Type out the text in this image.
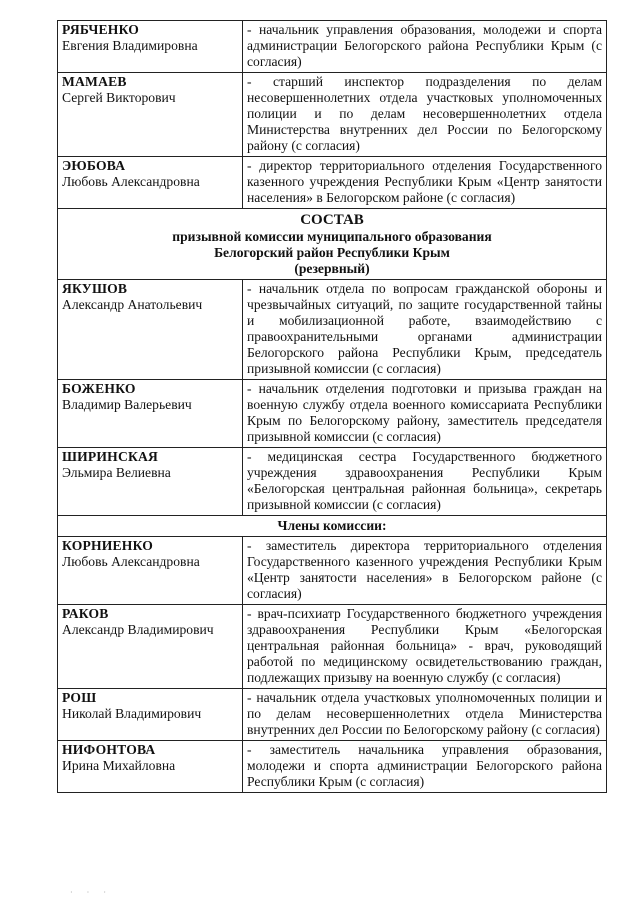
РЯБЧЕНКО
Евгения Владимировна	- начальник управления образования, молодежи и спорта администрации Белогорского района Республики Крым (с согласия)

МАМАЕВ
Сергей Викторович	- старший инспектор подразделения по делам несовершеннолетних отдела участковых уполномоченных полиции и по делам несовершеннолетних отдела Министерства внутренних дел России по Белогорскому району (с согласия)

ЭЮБОВА
Любовь Александровна	- директор территориального отделения Государственного казенного учреждения Республики Крым «Центр занятости населения» в Белогорском районе (с согласия)

СОСТАВ
призывной комиссии муниципального образования
Белогорский район Республики Крым
(резервный)	

ЯКУШОВ
Александр Анатольевич	- начальник отдела по вопросам гражданской обороны и чрезвычайных ситуаций, по защите государственной тайны и мобилизационной работе, взаимодействию с правоохранительными органами администрации Белогорского района Республики Крым, председатель призывной комиссии (с согласия)

БОЖЕНКО
Владимир Валерьевич	- начальник отделения подготовки и призыва граждан на военную службу отдела военного комиссариата Республики Крым по Белогорскому району, заместитель председателя призывной комиссии (с согласия)

ШИРИНСКАЯ
Эльмира Велиевна	- медицинская сестра Государственного бюджетного учреждения здравоохранения Республики Крым «Белогорская центральная районная больница», секретарь призывной комиссии (с согласия)

Члены комиссии:	

КОРНИЕНКО
Любовь Александровна	- заместитель директора территориального отделения Государственного казенного учреждения Республики Крым «Центр занятости населения» в Белогорском районе (с согласия)

РАКОВ
Александр Владимирович	- врач-психиатр Государственного бюджетного учреждения здравоохранения Республики Крым «Белогорская центральная районная больница» - врач, руководящий работой по медицинскому освидетельствованию граждан, подлежащих призыву на военную службу (с согласия)

РОШ
Николай Владимирович	- начальник отдела участковых уполномоченных полиции и по делам несовершеннолетних отдела Министерства внутренних дел России по Белогорскому району (с согласия)

НИФОНТОВА
Ирина Михайловна	- заместитель начальника управления образования, молодежи и спорта администрации Белогорского района Республики Крым (с согласия)
· · ·
